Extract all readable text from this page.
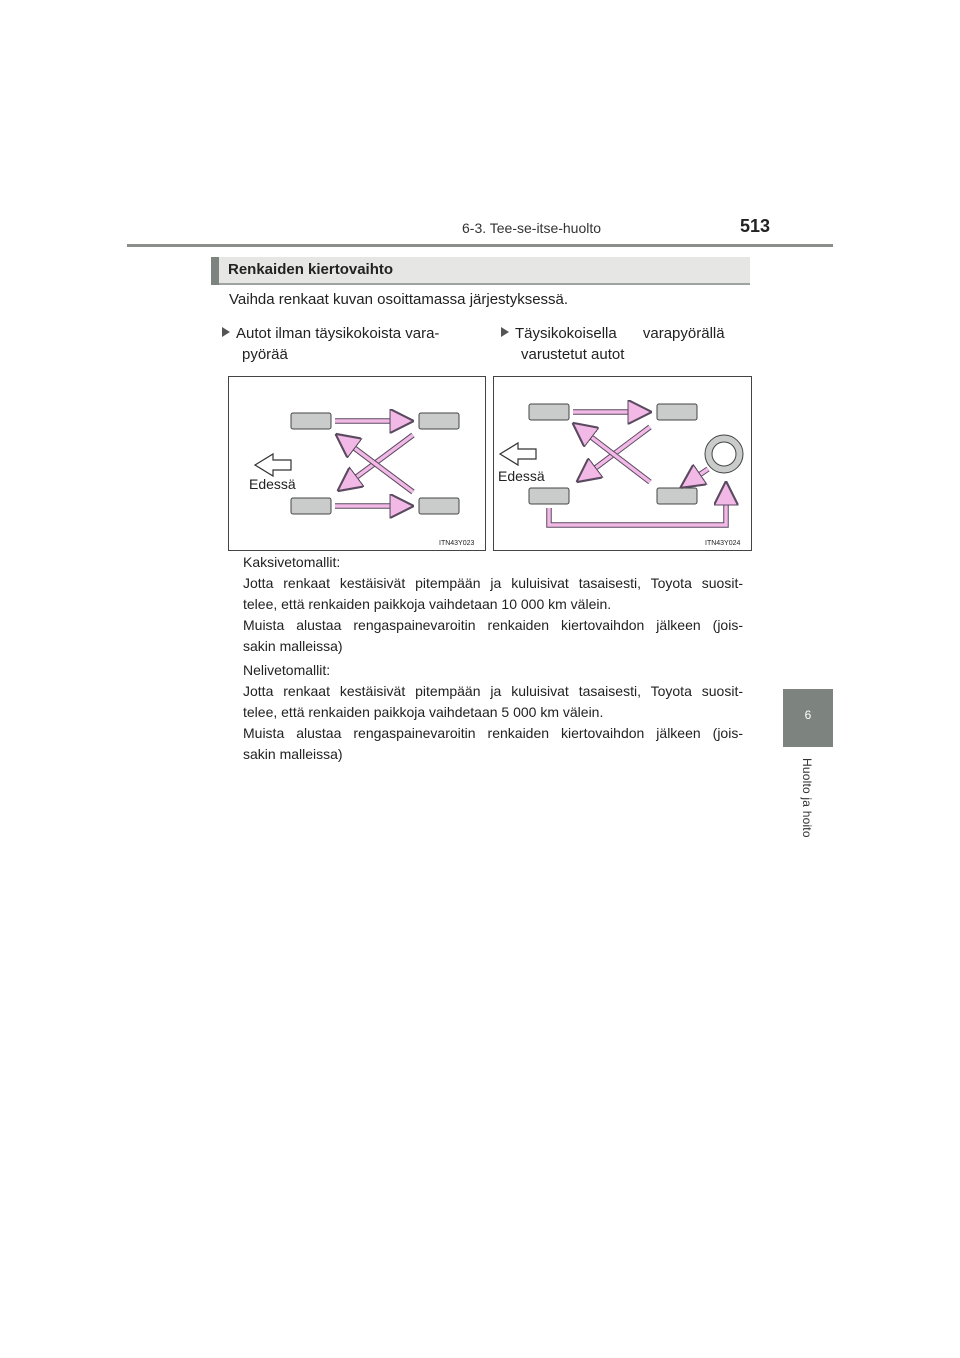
6-3. Tee-se-itse-huolto	513
6
Huolto ja hoito
Renkaiden kiertovaihto
Vaihda renkaat kuvan osoittamassa järjestyksessä.
Autot ilman täysikokoista vara-
pyörää
Täysikokoisella varapyörällä
varustetut autot
Edessä
ITN43Y023
Edessä
ITN43Y024
Kaksivetomallit:
Jotta renkaat kestäisivät pitempään ja kuluisivat tasaisesti, Toyota suosit-
telee, että renkaiden paikkoja vaihdetaan 10 000 km välein.
Muista alustaa rengaspainevaroitin renkaiden kiertovaihdon jälkeen (jois-
sakin malleissa)
Nelivetomallit:
Jotta renkaat kestäisivät pitempään ja kuluisivat tasaisesti, Toyota suosit-
telee, että renkaiden paikkoja vaihdetaan 5 000 km välein.
Muista alustaa rengaspainevaroitin renkaiden kiertovaihdon jälkeen (jois-
sakin malleissa)
